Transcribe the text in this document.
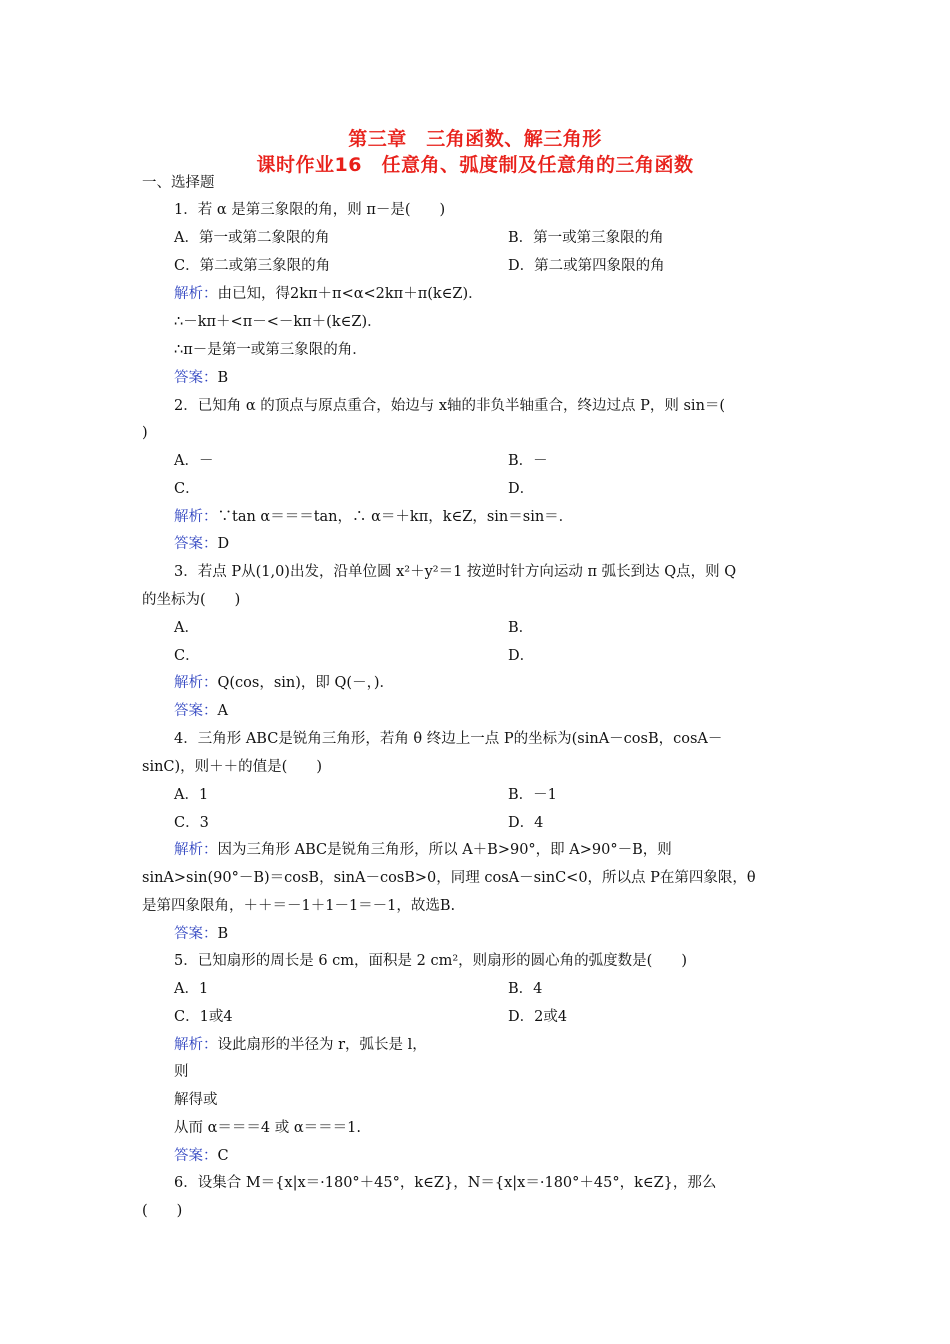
第三章　三角函数、解三角形
课时作业16　任意角、弧度制及任意角的三角函数
一、选择题
1．若 α 是第三象限的角，则 π－是(　　)
A．第一或第二象限的角	B．第一或第三象限的角
C．第二或第三象限的角	D．第二或第四象限的角
解析：由已知，得2kπ＋π<α<2kπ＋π(k∈Z)．
∴－kπ＋<π－<－kπ＋(k∈Z)．
∴π－是第一或第三象限的角．
答案：B
2．已知角 α 的顶点与原点重合，始边与 x轴的非负半轴重合，终边过点 P，则 sin＝(
)
A．－	B．－
C．	D．
解析：∵tan α＝＝＝tan，∴ α＝＋kπ，k∈Z，sin＝sin＝．
答案：D
3．若点 P从(1,0)出发，沿单位圆 x²＋y²＝1 按逆时针方向运动 π 弧长到达 Q点，则 Q
的坐标为(　　)
A．	B．
C．	D．
解析：Q(cos，sin)，即 Q(－，)．
答案：A
4．三角形 ABC是锐角三角形，若角 θ 终边上一点 P的坐标为(sinA－cosB，cosA－
sinC)，则＋＋的值是(　　)
A．1	B．－1
C．3	D．4
解析：因为三角形 ABC是锐角三角形，所以 A＋B>90°，即 A>90°－B，则
sinA>sin(90°－B)＝cosB，sinA－cosB>0，同理 cosA－sinC<0，所以点 P在第四象限，θ
是第四象限角，＋＋＝－1＋1－1＝－1，故选B.
答案：B
5．已知扇形的周长是 6 cm，面积是 2 cm²，则扇形的圆心角的弧度数是(　　)
A．1	B．4
C．1或4	D．2或4
解析：设此扇形的半径为 r，弧长是 l，
则
解得或
从而 α＝＝＝4 或 α＝＝＝1.
答案：C
6．设集合 M＝{x|x＝·180°＋45°，k∈Z}，N＝{x|x＝·180°＋45°，k∈Z}，那么
(　　)
